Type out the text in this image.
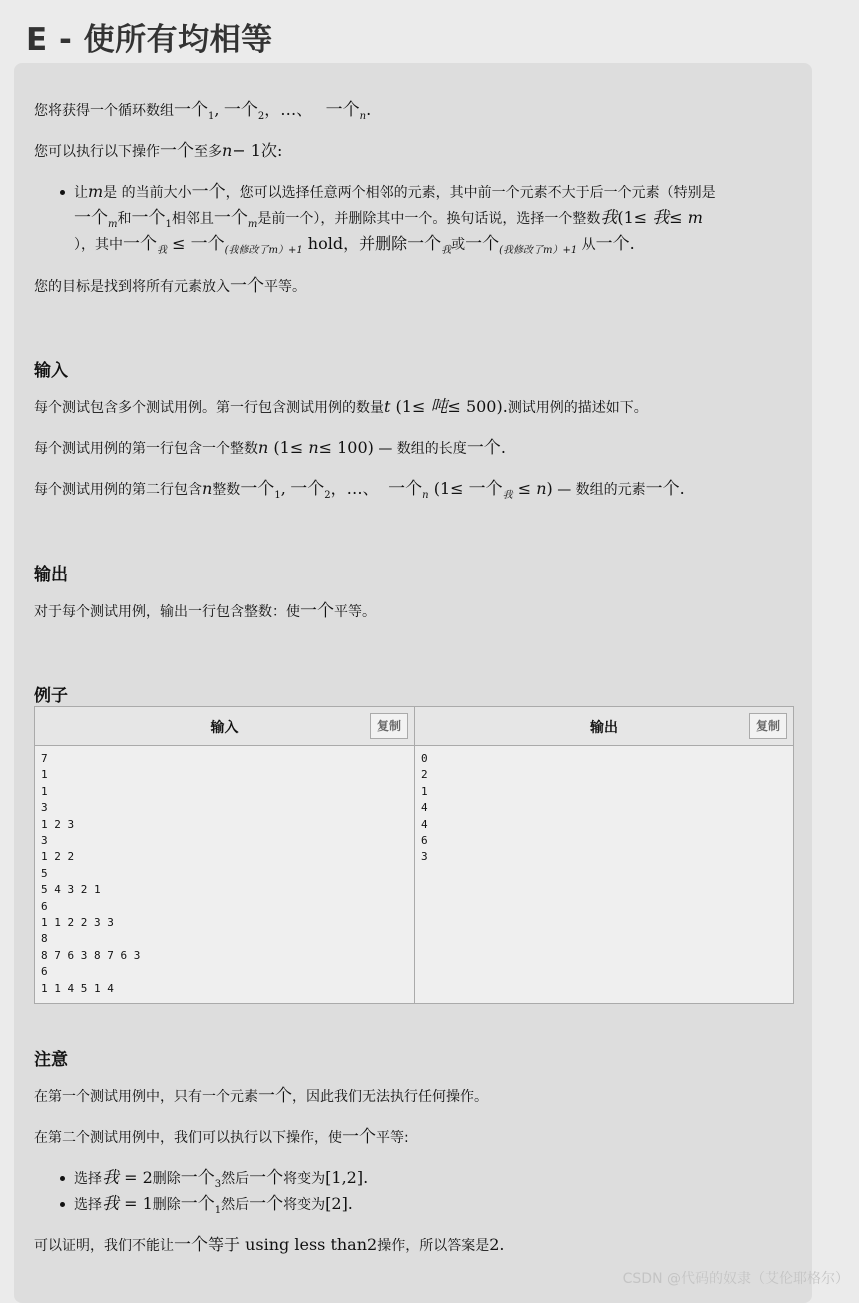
E - 使所有均相等
您将获得一个循环数组一个$_1$, 一个$_2$，…、 一个$_n$.
您可以执行以下操作一个至多n− 1次:
让m是 的当前大小一个，您可以选择任意两个相邻的元素，其中前一个元素不大于后一个元素（特别是
一个$_m$和一个$_1$相邻且一个$_m$是前一个），并删除其中一个。换句话说，选择一个整数我(1≤ 我≤ m
），其中一个$_我$ ≤ 一个$_{(我修改了m)+1}$ hold，并删除一个$_我$或一个$_{(我修改了m)+1}$ 从一个.
您的目标是找到将所有元素放入一个平等。
输入
每个测试包含多个测试用例。第一行包含测试用例的数量t (1≤ 吨≤ 500).测试用例的描述如下。
每个测试用例的第一行包含一个整数n (1≤ n≤ 100) — 数组的长度一个.
每个测试用例的第二行包含n整数一个$_1$, 一个$_2$，…、  一个$_n$ (1≤ 一个$_我$ ≤ n) — 数组的元素一个.
输出
对于每个测试用例，输出一行包含整数：使一个平等。
例子
输入	复制
7
1
1
3
1 2 3
3
1 2 2
5
5 4 3 2 1
6
1 1 2 2 3 3
8
8 7 6 3 8 7 6 3
6
1 1 4 5 1 4
输出	复制
0
2
1
4
4
6
3
注意
在第一个测试用例中，只有一个元素一个，因此我们无法执行任何操作。
在第二个测试用例中，我们可以执行以下操作，使一个平等:
选择我 = 2删除一个$_3$然后一个将变为[1,2].
选择我 = 1删除一个$_1$然后一个将变为[2].
可以证明，我们不能让一个等于 using less than2操作，所以答案是2.
CSDN @代码的奴隶（艾伦耶格尔）
